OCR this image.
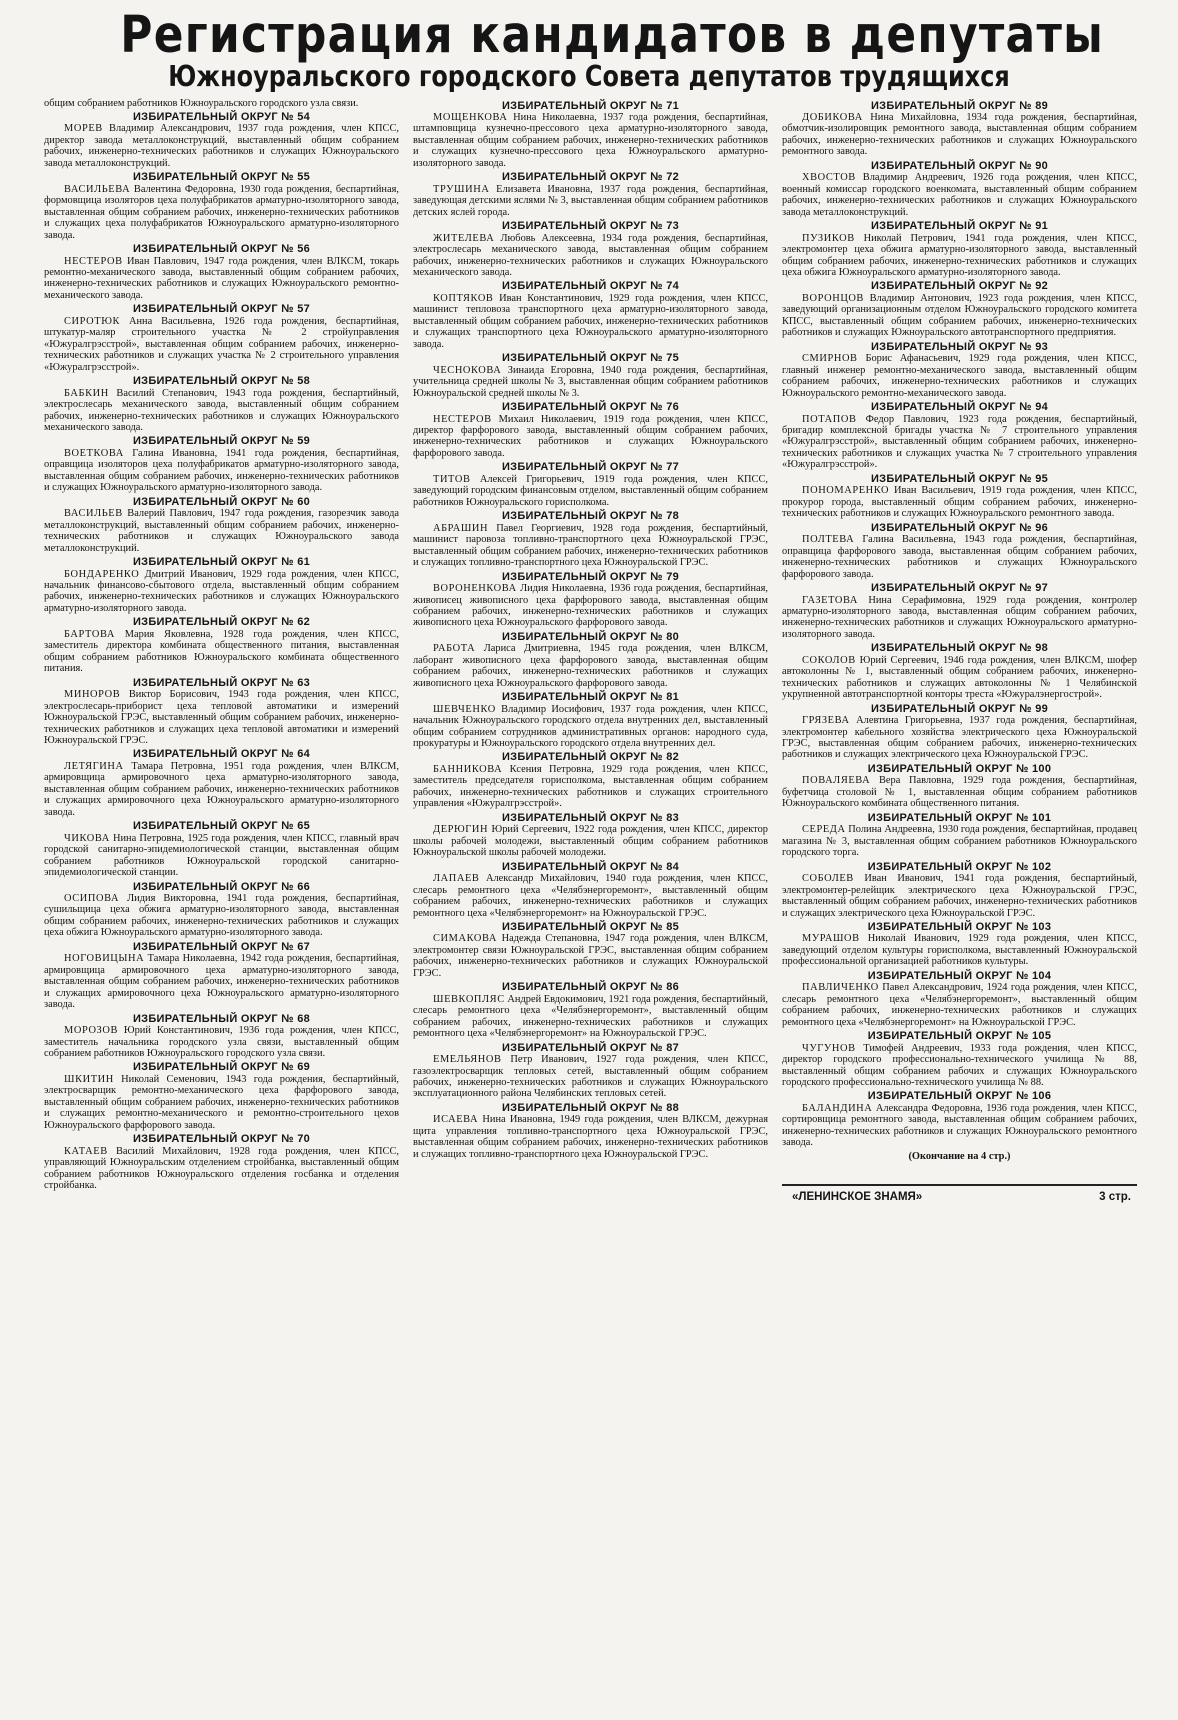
Регистрация кандидатов в депутаты
Южноуральского городского Совета депутатов трудящихся

общим собранием работников Южноуральского городского узла связи.

ИЗБИРАТЕЛЬНЫЙ ОКРУГ № 54

МОРЕВ Владимир Александрович, 1937 года рождения, член КПСС, директор завода металлоконструкций, выставленный общим собранием рабочих, инженерно-технических работников и служащих Южноуральского завода металлоконструкций.

ИЗБИРАТЕЛЬНЫЙ ОКРУГ № 55

ВАСИЛЬЕВА Валентина Федоровна, 1930 года рождения, беспартийная, формовщица изоляторов цеха полуфабрикатов арматурно-изоляторного завода, выставленная общим собранием рабочих, инженерно-технических работников и служащих цеха полуфабрикатов Южноуральского арматурно-изоляторного завода.

ИЗБИРАТЕЛЬНЫЙ ОКРУГ № 56

НЕСТЕРОВ Иван Павлович, 1947 года рождения, член ВЛКСМ, токарь ремонтно-механического завода, выставленный общим собранием рабочих, инженерно-технических работников и служащих Южноуральского ремонтно-механического завода.

ИЗБИРАТЕЛЬНЫЙ ОКРУГ № 57

СИРОТЮК Анна Васильевна, 1926 года рождения, беспартийная, штукатур-маляр строительного участка № 2 стройуправления «Южуралгрэсстрой», выставленная общим собранием рабочих, инженерно-технических работников и служащих участка № 2 строительного управления «Южуралгрэсстрой».

ИЗБИРАТЕЛЬНЫЙ ОКРУГ № 58

БАБКИН Василий Степанович, 1943 года рождения, беспартийный, электрослесарь механического завода, выставленный общим собранием рабочих, инженерно-технических работников и служащих Южноуральского механического завода.

ИЗБИРАТЕЛЬНЫЙ ОКРУГ № 59

ВОЕТКОВА Галина Ивановна, 1941 года рождения, беспартийная, оправщица изоляторов цеха полуфабрикатов арматурно-изоляторного завода, выставленная общим собранием рабочих, инженерно-технических работников и служащих Южноуральского арматурно-изоляторного завода.

ИЗБИРАТЕЛЬНЫЙ ОКРУГ № 60

ВАСИЛЬЕВ Валерий Павлович, 1947 года рождения, газорезчик завода металлоконструкций, выставленный общим собранием рабочих, инженерно-технических работников и служащих Южноуральского завода металлоконструкций.

ИЗБИРАТЕЛЬНЫЙ ОКРУГ № 61

БОНДАРЕНКО Дмитрий Иванович, 1929 года рождения, член КПСС, начальник финансово-сбытового отдела, выставленный общим собранием рабочих, инженерно-технических работников и служащих Южноуральского арматурно-изоляторного завода.

ИЗБИРАТЕЛЬНЫЙ ОКРУГ № 62

БАРТОВА Мария Яковлевна, 1928 года рождения, член КПСС, заместитель директора комбината общественного питания, выставленная общим собранием работников Южноуральского комбината общественного питания.

ИЗБИРАТЕЛЬНЫЙ ОКРУГ № 63

МИНОРОВ Виктор Борисович, 1943 года рождения, член КПСС, электрослесарь-приборист цеха тепловой автоматики и измерений Южноуральской ГРЭС, выставленный общим собранием рабочих, инженерно-технических работников и служащих цеха тепловой автоматики и измерений Южноуральской ГРЭС.

ИЗБИРАТЕЛЬНЫЙ ОКРУГ № 64

ЛЕТЯГИНА Тамара Петровна, 1951 года рождения, член ВЛКСМ, армировщица армировочного цеха арматурно-изоляторного завода, выставленная общим собранием рабочих, инженерно-технических работников и служащих армировочного цеха Южноуральского арматурно-изоляторного завода.

ИЗБИРАТЕЛЬНЫЙ ОКРУГ № 65

ЧИКОВА Нина Петровна, 1925 года рождения, член КПСС, главный врач городской санитарно-эпидемиологической станции, выставленная общим собранием работников Южноуральской городской санитарно-эпидемиологической станции.

ИЗБИРАТЕЛЬНЫЙ ОКРУГ № 66

ОСИПОВА Лидия Викторовна, 1941 года рождения, беспартийная, сушильщица цеха обжига арматурно-изоляторного завода, выставленная общим собранием рабочих, инженерно-технических работников и служащих цеха обжига Южноуральского арматурно-изоляторного завода.

ИЗБИРАТЕЛЬНЫЙ ОКРУГ № 67

НОГОВИЦЫНА Тамара Николаевна, 1942 года рождения, беспартийная, армировщица армировочного цеха арматурно-изоляторного завода, выставленная общим собранием рабочих, инженерно-технических работников и служащих армировочного цеха Южноуральского арматурно-изоляторного завода.

ИЗБИРАТЕЛЬНЫЙ ОКРУГ № 68

МОРОЗОВ Юрий Константинович, 1936 года рождения, член КПСС, заместитель начальника городского узла связи, выставленный общим собранием работников Южноуральского городского узла связи.

ИЗБИРАТЕЛЬНЫЙ ОКРУГ № 69

ШКИТИН Николай Семенович, 1943 года рождения, беспартийный, электросварщик ремонтно-механического цеха фарфорового завода, выставленный общим собранием рабочих, инженерно-технических работников и служащих ремонтно-механического и ремонтно-строительного цехов Южноуральского фарфорового завода.

ИЗБИРАТЕЛЬНЫЙ ОКРУГ № 70

КАТАЕВ Василий Михайлович, 1928 года рождения, член КПСС, управляющий Южноуральским отделением стройбанка, выставленный общим собранием работников Южноуральского отделения госбанка и отделения стройбанка.

ИЗБИРАТЕЛЬНЫЙ ОКРУГ № 71

МОЩЕНКОВА Нина Николаевна, 1937 года рождения, беспартийная, штамповщица кузнечно-прессового цеха арматурно-изоляторного завода, выставленная общим собранием рабочих, инженерно-технических работников и служащих кузнечно-прессового цеха Южноуральского арматурно-изоляторного завода.

ИЗБИРАТЕЛЬНЫЙ ОКРУГ № 72

ТРУШИНА Елизавета Ивановна, 1937 года рождения, беспартийная, заведующая детскими яслями № 3, выставленная общим собранием работников детских яслей города.

ИЗБИРАТЕЛЬНЫЙ ОКРУГ № 73

ЖИТЕЛЕВА Любовь Алексеевна, 1934 года рождения, беспартийная, электрослесарь механического завода, выставленная общим собранием рабочих, инженерно-технических работников и служащих Южноуральского механического завода.

ИЗБИРАТЕЛЬНЫЙ ОКРУГ № 74

КОПТЯКОВ Иван Константинович, 1929 года рождения, член КПСС, машинист тепловоза транспортного цеха арматурно-изоляторного завода, выставленный общим собранием рабочих, инженерно-технических работников и служащих транспортного цеха Южноуральского арматурно-изоляторного завода.

ИЗБИРАТЕЛЬНЫЙ ОКРУГ № 75

ЧЕСНОКОВА Зинаида Егоровна, 1940 года рождения, беспартийная, учительница средней школы № 3, выставленная общим собранием работников Южноуральской средней школы № 3.

ИЗБИРАТЕЛЬНЫЙ ОКРУГ № 76

НЕСТЕРОВ Михаил Николаевич, 1919 года рождения, член КПСС, директор фарфорового завода, выставленный общим собранием рабочих, инженерно-технических работников и служащих Южноуральского фарфорового завода.

ИЗБИРАТЕЛЬНЫЙ ОКРУГ № 77

ТИТОВ Алексей Григорьевич, 1919 года рождения, член КПСС, заведующий городским финансовым отделом, выставленный общим собранием работников Южноуральского горисполкома.

ИЗБИРАТЕЛЬНЫЙ ОКРУГ № 78

АБРАШИН Павел Георгиевич, 1928 года рождения, беспартийный, машинист паровоза топливно-транспортного цеха Южноуральской ГРЭС, выставленный общим собранием рабочих, инженерно-технических работников и служащих топливно-транспортного цеха Южноуральской ГРЭС.

ИЗБИРАТЕЛЬНЫЙ ОКРУГ № 79

ВОРОНЕНКОВА Лидия Николаевна, 1936 года рождения, беспартийная, живописец живописного цеха фарфорового завода, выставленная общим собранием рабочих, инженерно-технических работников и служащих живописного цеха Южноуральского фарфорового завода.

ИЗБИРАТЕЛЬНЫЙ ОКРУГ № 80

РАБОТА Лариса Дмитриевна, 1945 года рождения, член ВЛКСМ, лаборант живописного цеха фарфорового завода, выставленная общим собранием рабочих, инженерно-технических работников и служащих живописного цеха Южноуральского фарфорового завода.

ИЗБИРАТЕЛЬНЫЙ ОКРУГ № 81

ШЕВЧЕНКО Владимир Иосифович, 1937 года рождения, член КПСС, начальник Южноуральского городского отдела внутренних дел, выставленный общим собранием сотрудников административных органов: народного суда, прокуратуры и Южноуральского городского отдела внутренних дел.

ИЗБИРАТЕЛЬНЫЙ ОКРУГ № 82

БАННИКОВА Ксения Петровна, 1929 года рождения, член КПСС, заместитель председателя горисполкома, выставленная общим собранием рабочих, инженерно-технических работников и служащих строительного управления «Южуралгрэсстрой».

ИЗБИРАТЕЛЬНЫЙ ОКРУГ № 83

ДЕРЮГИН Юрий Сергеевич, 1922 года рождения, член КПСС, директор школы рабочей молодежи, выставленный общим собранием работников Южноуральской школы рабочей молодежи.

ИЗБИРАТЕЛЬНЫЙ ОКРУГ № 84

ЛАПАЕВ Александр Михайлович, 1940 года рождения, член КПСС, слесарь ремонтного цеха «Челябэнергоремонт», выставленный общим собранием рабочих, инженерно-технических работников и служащих ремонтного цеха «Челябэнергоремонт» на Южноуральской ГРЭС.

ИЗБИРАТЕЛЬНЫЙ ОКРУГ № 85

СИМАКОВА Надежда Степановна, 1947 года рождения, член ВЛКСМ, электромонтер связи Южноуральской ГРЭС, выставленная общим собранием рабочих, инженерно-технических работников и служащих Южноуральской ГРЭС.

ИЗБИРАТЕЛЬНЫЙ ОКРУГ № 86

ШЕВКОПЛЯС Андрей Евдокимович, 1921 года рождения, беспартийный, слесарь ремонтного цеха «Челябэнергоремонт», выставленный общим собранием рабочих, инженерно-технических работников и служащих ремонтного цеха «Челябэнергоремонт» на Южноуральской ГРЭС.

ИЗБИРАТЕЛЬНЫЙ ОКРУГ № 87

ЕМЕЛЬЯНОВ Петр Иванович, 1927 года рождения, член КПСС, газоэлектросварщик тепловых сетей, выставленный общим собранием рабочих, инженерно-технических работников и служащих Южноуральского эксплуатационного района Челябинских тепловых сетей.

ИЗБИРАТЕЛЬНЫЙ ОКРУГ № 88

ИСАЕВА Нина Ивановна, 1949 года рождения, член ВЛКСМ, дежурная щита управления топливно-транспортного цеха Южноуральской ГРЭС, выставленная общим собранием рабочих, инженерно-технических работников и служащих топливно-транспортного цеха Южноуральской ГРЭС.

ИЗБИРАТЕЛЬНЫЙ ОКРУГ № 89

ДОБИКОВА Нина Михайловна, 1934 года рождения, беспартийная, обмотчик-изолировщик ремонтного завода, выставленная общим собранием рабочих, инженерно-технических работников и служащих Южноуральского ремонтного завода.

ИЗБИРАТЕЛЬНЫЙ ОКРУГ № 90

ХВОСТОВ Владимир Андреевич, 1926 года рождения, член КПСС, военный комиссар городского военкомата, выставленный общим собранием рабочих, инженерно-технических работников и служащих Южноуральского завода металлоконструкций.

ИЗБИРАТЕЛЬНЫЙ ОКРУГ № 91

ПУЗИКОВ Николай Петрович, 1941 года рождения, член КПСС, электромонтер цеха обжига арматурно-изоляторного завода, выставленный общим собранием рабочих, инженерно-технических работников и служащих цеха обжига Южноуральского арматурно-изоляторного завода.

ИЗБИРАТЕЛЬНЫЙ ОКРУГ № 92

ВОРОНЦОВ Владимир Антонович, 1923 года рождения, член КПСС, заведующий организационным отделом Южноуральского городского комитета КПСС, выставленный общим собранием рабочих, инженерно-технических работников и служащих Южноуральского автотранспортного предприятия.

ИЗБИРАТЕЛЬНЫЙ ОКРУГ № 93

СМИРНОВ Борис Афанасьевич, 1929 года рождения, член КПСС, главный инженер ремонтно-механического завода, выставленный общим собранием рабочих, инженерно-технических работников и служащих Южноуральского ремонтно-механического завода.

ИЗБИРАТЕЛЬНЫЙ ОКРУГ № 94

ПОТАПОВ Федор Павлович, 1923 года рождения, беспартийный, бригадир комплексной бригады участка № 7 строительного управления «Южуралгрэсстрой», выставленный общим собранием рабочих, инженерно-технических работников и служащих участка № 7 строительного управления «Южуралгрэсстрой».

ИЗБИРАТЕЛЬНЫЙ ОКРУГ № 95

ПОНОМАРЕНКО Иван Васильевич, 1919 года рождения, член КПСС, прокурор города, выставленный общим собранием рабочих, инженерно-технических работников и служащих Южноуральского ремонтного завода.

ИЗБИРАТЕЛЬНЫЙ ОКРУГ № 96

ПОЛТЕВА Галина Васильевна, 1943 года рождения, беспартийная, оправщица фарфорового завода, выставленная общим собранием рабочих, инженерно-технических работников и служащих Южноуральского фарфорового завода.

ИЗБИРАТЕЛЬНЫЙ ОКРУГ № 97

ГАЗЕТОВА Нина Серафимовна, 1929 года рождения, контролер арматурно-изоляторного завода, выставленная общим собранием рабочих, инженерно-технических работников и служащих Южноуральского арматурно-изоляторного завода.

ИЗБИРАТЕЛЬНЫЙ ОКРУГ № 98

СОКОЛОВ Юрий Сергеевич, 1946 года рождения, член ВЛКСМ, шофер автоколонны № 1, выставленный общим собранием рабочих, инженерно-технических работников и служащих автоколонны № 1 Челябинской укрупненной автотранспортной конторы треста «Южуралэнергострой».

ИЗБИРАТЕЛЬНЫЙ ОКРУГ № 99

ГРЯЗЕВА Алевтина Григорьевна, 1937 года рождения, беспартийная, электромонтер кабельного хозяйства электрического цеха Южноуральской ГРЭС, выставленная общим собранием рабочих, инженерно-технических работников и служащих электрического цеха Южноуральской ГРЭС.

ИЗБИРАТЕЛЬНЫЙ ОКРУГ № 100

ПОВАЛЯЕВА Вера Павловна, 1929 года рождения, беспартийная, буфетчица столовой № 1, выставленная общим собранием работников Южноуральского комбината общественного питания.

ИЗБИРАТЕЛЬНЫЙ ОКРУГ № 101

СЕРЕДА Полина Андреевна, 1930 года рождения, беспартийная, продавец магазина № 3, выставленная общим собранием работников Южноуральского городского торга.

ИЗБИРАТЕЛЬНЫЙ ОКРУГ № 102

СОБОЛЕВ Иван Иванович, 1941 года рождения, беспартийный, электромонтер-релейщик электрического цеха Южноуральской ГРЭС, выставленный общим собранием рабочих, инженерно-технических работников и служащих электрического цеха Южноуральской ГРЭС.

ИЗБИРАТЕЛЬНЫЙ ОКРУГ № 103

МУРАШОВ Николай Иванович, 1929 года рождения, член КПСС, заведующий отделом культуры горисполкома, выставленный Южноуральской профессиональной организацией работников культуры.

ИЗБИРАТЕЛЬНЫЙ ОКРУГ № 104

ПАВЛИЧЕНКО Павел Александрович, 1924 года рождения, член КПСС, слесарь ремонтного цеха «Челябэнергоремонт», выставленный общим собранием рабочих, инженерно-технических работников и служащих ремонтного цеха «Челябэнергоремонт» на Южноуральской ГРЭС.

ИЗБИРАТЕЛЬНЫЙ ОКРУГ № 105

ЧУГУНОВ Тимофей Андреевич, 1933 года рождения, член КПСС, директор городского профессионально-технического училища № 88, выставленный общим собранием рабочих и служащих Южноуральского городского профессионально-технического училища № 88.

ИЗБИРАТЕЛЬНЫЙ ОКРУГ № 106

БАЛАНДИНА Александра Федоровна, 1936 года рождения, член КПСС, сортировщица ремонтного завода, выставленная общим собранием рабочих, инженерно-технических работников и служащих Южноуральского ремонтного завода.

(Окончание на 4 стр.)
«ЛЕНИНСКОЕ ЗНАМЯ»	3 стр.
